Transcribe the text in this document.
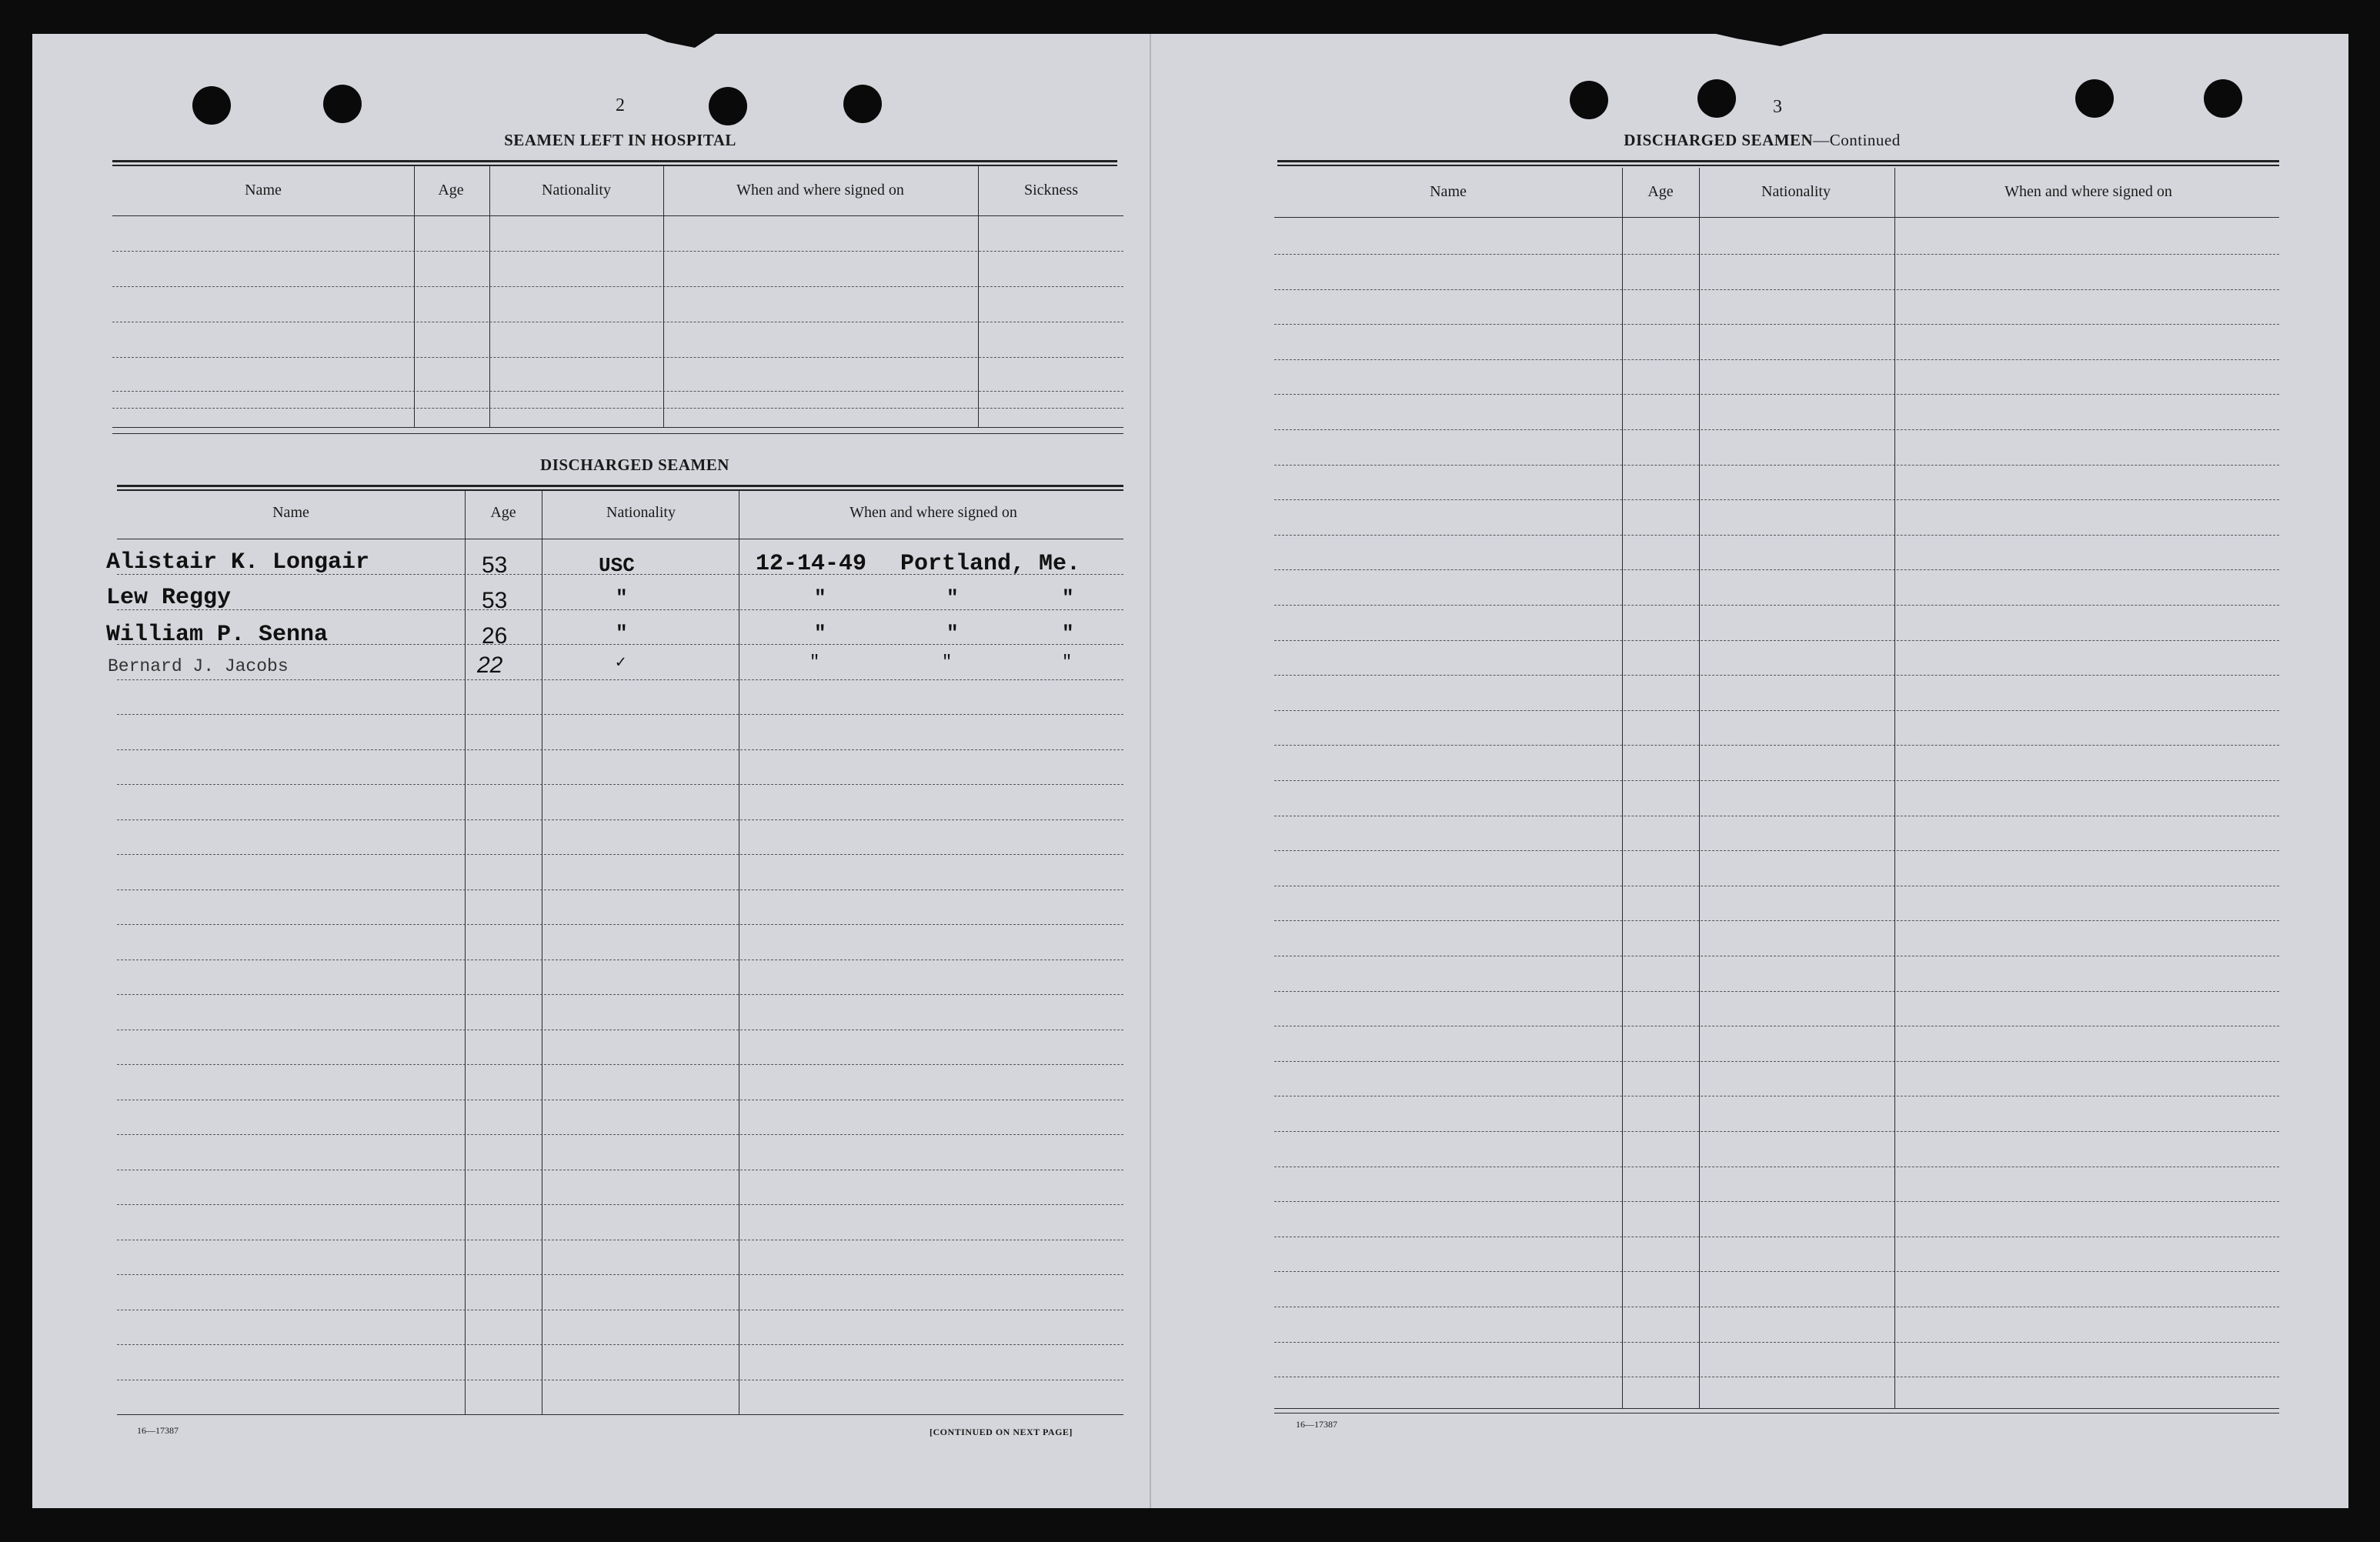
2
SEAMEN LEFT IN HOSPITAL
Name	Age	Nationality	When and where signed on	Sickness
DISCHARGED SEAMEN
Name	Age	Nationality	When and where signed on
Alistair K. Longair	53	USC	12-14-49 Portland, Me.
Lew Reggy	53	"	"	"	"
William P. Senna	26	"	"	"	"
Bernard J. Jacobs	22	✓	"	"	"
16—17387	[CONTINUED ON NEXT PAGE]
3
DISCHARGED SEAMEN—Continued
Name	Age	Nationality	When and where signed on
16—17387
